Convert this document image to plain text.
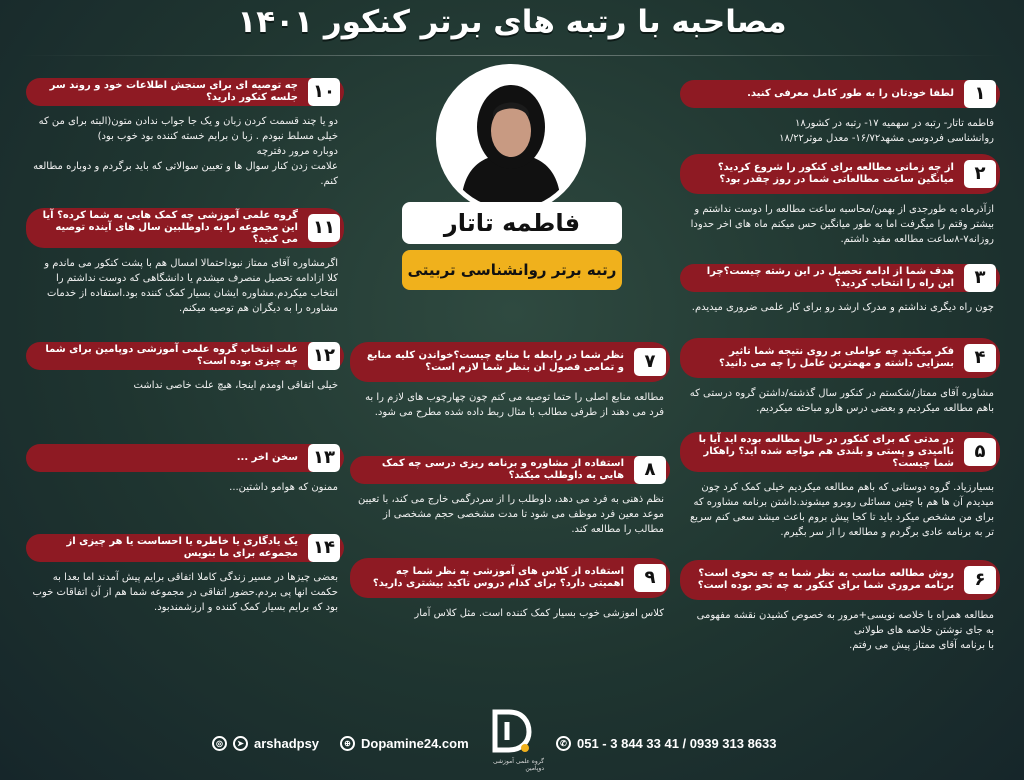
مصاحبه با رتبه های برتر کنکور ۱۴۰۱
لطفا خودتان را به طور کامل معرفی کنید.	۱
فاطمه تاتار- رتبه در سهمیه ۱۷- رتبه در کشور۱۸
روانشناسی فردوسی مشهد۱۶/۷۲- معدل موثر۱۸/۲۲
از چه زمانی مطالعه برای کنکور را شروع کردید؟ میانگین ساعت مطالعاتی شما در روز چقدر بود؟	۲
ازآذرماه به طورجدی از بهمن/محاسبه ساعت مطالعه را دوست نداشتم و بیشتر وقتم را میگرفت اما به طور میانگین حس میکنم ماه های اخر حدودا روزانه۷-۸ساعت مطالعه مفید داشتم.
هدف شما از ادامه تحصیل در این رشته چیست؟چرا این راه را انتخاب کردید؟	۳
چون راه دیگری نداشتم و مدرک ارشد رو برای کار علمی ضروری میدیدم.
فکر میکنید چه عواملی بر روی نتیجه شما تاثیر بسزایی داشته و مهمترین عامل را چه می دانید؟	۴
مشاوره آقای ممتاز/شکستم در کنکور سال گذشته/داشتن گروه درستی که باهم مطالعه میکردیم و بعضی درس هارو مباحثه میکردیم.
در مدتی که برای کنکور در حال مطالعه بوده اید آیا با ناامیدی و پستی و بلندی هم مواجه شده اید؟ راهکار شما چیست؟
۵
بسیارزیاد. گروه دوستانی که باهم مطالعه میکردیم خیلی کمک کرد چون میدیدم آن ها هم با چنین مسائلی روبرو میشوند.داشتن برنامه مشاوره که برای من مشخص میکرد باید تا کجا پیش بروم باعث میشد سعی کنم سریع تر به برنامه عادی برگردم و مطالعه را از سر بگیرم.
روش مطالعه مناسب به نظر شما به چه نحوی است؟ برنامه مروری شما برای کنکور به چه نحو بوده است؟	۶
مطالعه همراه با خلاصه نویسی+مرور به خصوص کشیدن نقشه مفهومی به جای نوشتن خلاصه های طولانی
با برنامه آقای ممتاز پیش می رفتم.
نظر شما در رابطه با منابع چیست؟خواندن کلیه منابع و تمامی فصول ان بنظر شما لازم است؟	۷
مطالعه منابع اصلی را حتما توصیه می کنم چون چهارچوب های لازم را به فرد می دهند از طرفی مطالب با مثال ربط داده شده مطرح می شود.
استفاده از مشاوره و برنامه ریزی درسی چه کمک هایی به داوطلب میکند؟	۸
نظم ذهنی به فرد می دهد، داوطلب را از سردرگمی خارج می کند، با تعیین موعد معین فرد موظف می شود تا مدت مشخصی حجم مشخصی از مطالب را مطالعه کند.
استفاده از کلاس های آموزشی به نظر شما چه اهمیتی دارد؟ برای کدام دروس تاکید بیشتری دارید؟	۹
کلاس اموزشی خوب بسیار کمک کننده است. مثل کلاس آمار
چه توصیه ای برای سنجش اطلاعات خود و روند سر جلسه کنکور دارید؟ ۱۰
دو یا چند قسمت کردن زبان و یک جا جواب ندادن متون(البته برای من که خیلی مسلط نبودم . زبا ن برایم خسته کننده بود خوب بود)
دوباره مرور دفترچه
علامت زدن کنار سوال ها و تعیین سوالاتی که باید برگردم و دوباره مطالعه کنم.
گروه علمی آموزشی چه کمک هایی به شما کرده؟ آیا این مجموعه را به داوطلبین سال های آینده توصیه می کنید؟
۱۱
اگرمشاوره آقای ممتاز نبوداحتمالا امسال هم با پشت کنکور می ماندم و کلا ازادامه تحصیل منصرف میشدم یا دانشگاهی که دوست نداشتم را انتخاب میکردم.مشاوره ایشان بسیار کمک کننده بود.استفاده از خدمات مشاوره را به دیگران هم توصیه میکنم.
علت انتخاب گروه علمی آموزشی دوپامین برای شما چه چیزی بوده است؟ ۱۲
خیلی اتفاقی اومدم اینجا، هیچ علت خاصی نداشت
سخن اخر ... ۱۳
ممنون که هوامو داشتین...
یک یادگاری یا خاطره یا احساست یا هر چیزی از مجموعه برای ما بنویس ۱۴
بعضی چیزها در مسیر زندگی کاملا اتفاقی برایم پیش آمدند اما بعدا به حکمت انها پی بردم.حضور اتفاقی در مجموعه شما هم از آن اتفاقات خوب بود که برایم بسیار کمک کننده و ارزشمندبود.
فاطمه تاتار
رتبه برتر روانشناسی تربیتی
◎	➤ arshadpsy	⊕ Dopamine24.com	✆ 051 - 3 844 33 41 / 0939 313 8633
گروه علمی آموزشی دوپامین
